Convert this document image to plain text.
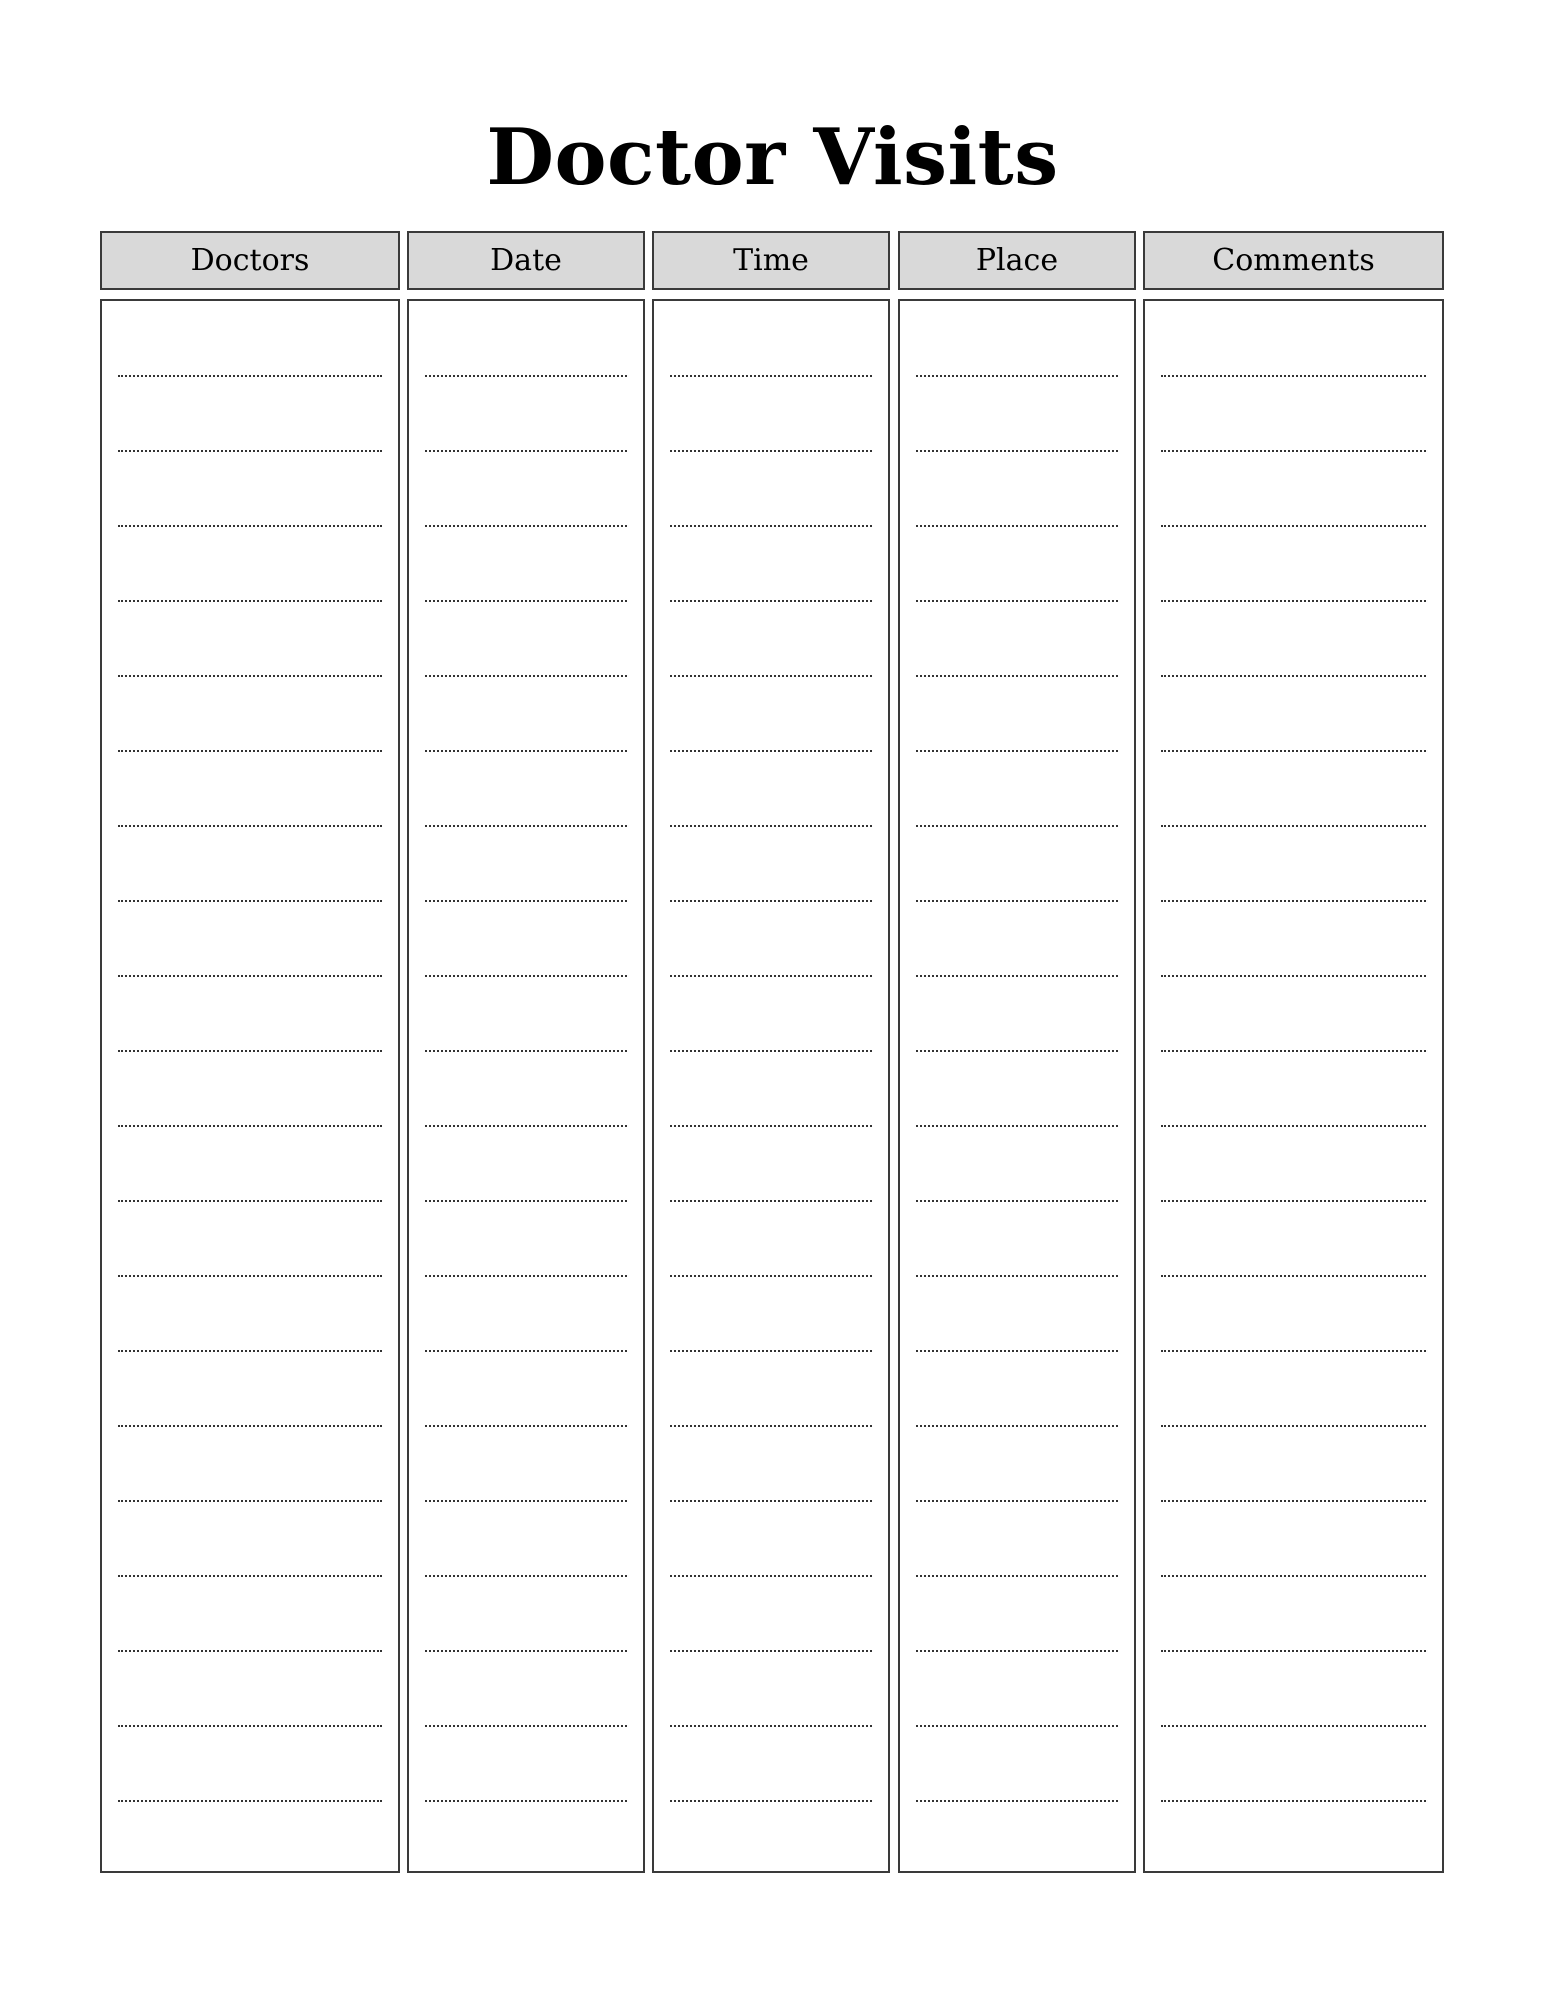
Doctor Visits
Doctors	Date	Time	Place	Comments
